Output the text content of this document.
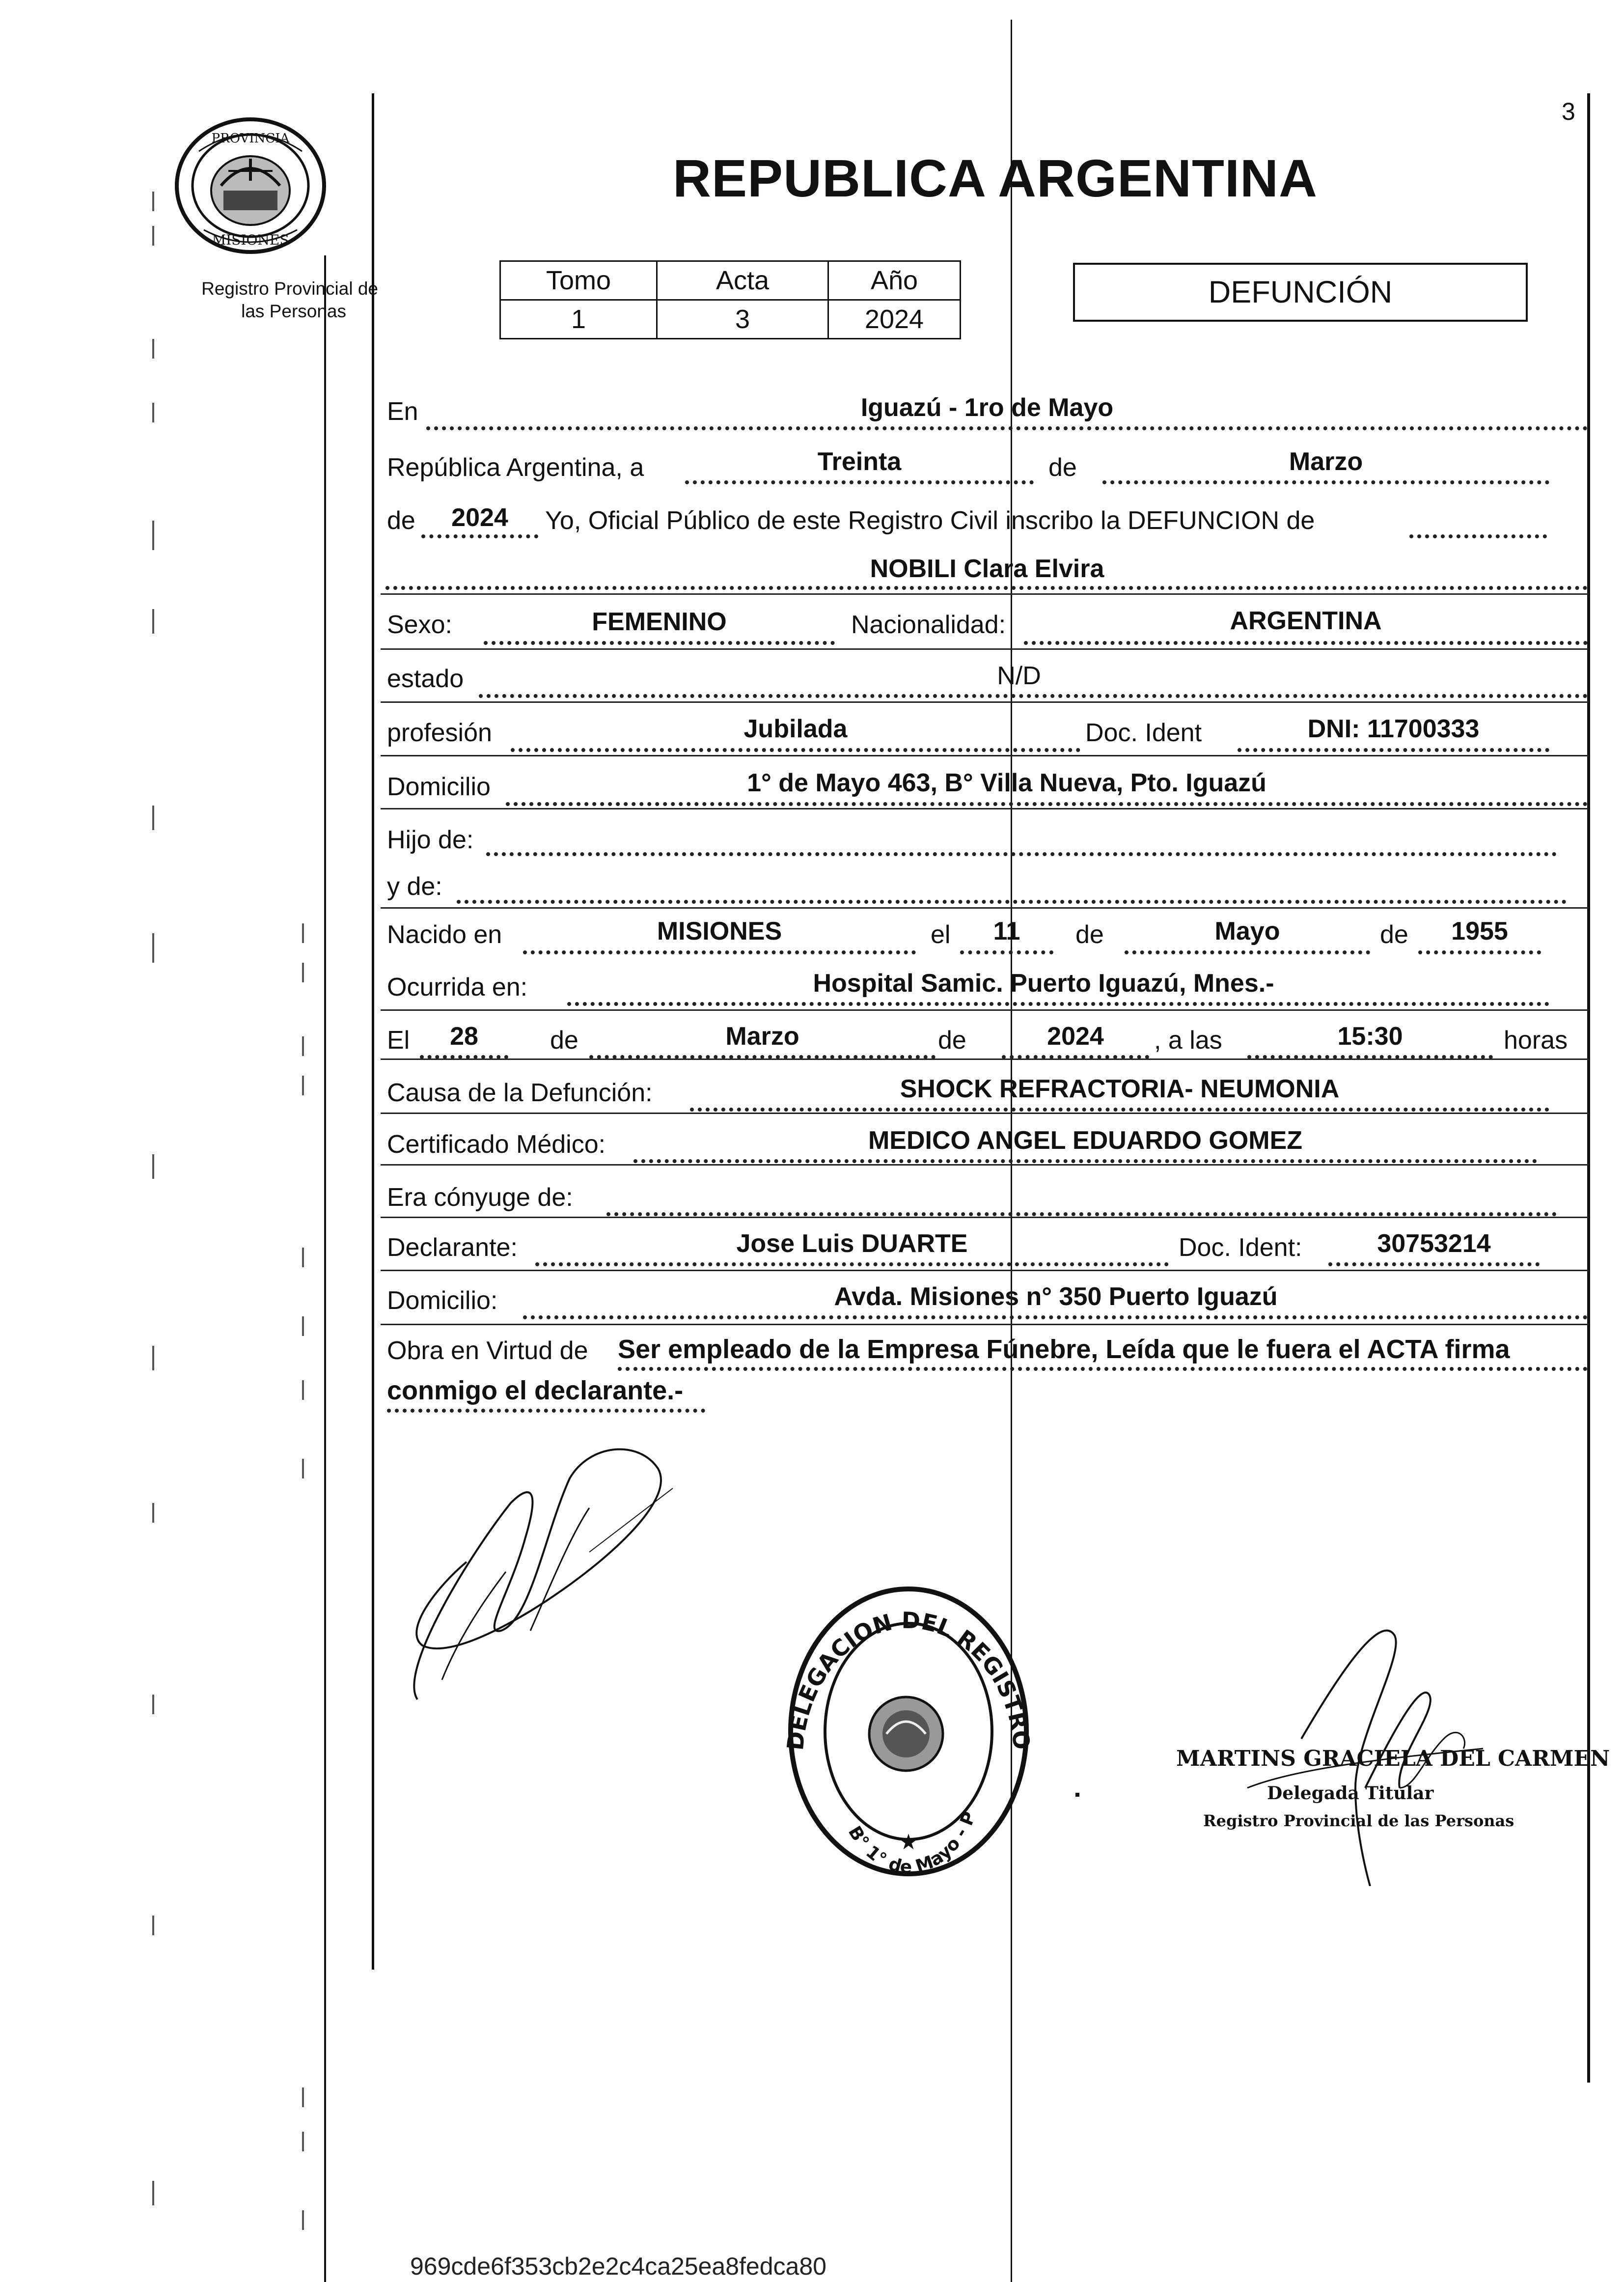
PROVINCIA
MISIONES
Registro Provincial de
las Personas
3
REPUBLICA ARGENTINA
Tomo	Acta	Año
1	3	2024
DEFUNCIÓN
En	Iguazú - 1ro de Mayo
República Argentina, a	Treinta	de	Marzo
de	2024	Yo, Oficial Público de este Registro Civil inscribo la DEFUNCION de
NOBILI Clara Elvira
Sexo:	FEMENINO	Nacionalidad:	ARGENTINA
estado	N/D
profesión	Jubilada	Doc. Ident	DNI: 11700333
Domicilio	1° de Mayo 463, B° Villa Nueva, Pto. Iguazú
Hijo de:
y de:
Nacido en	MISIONES	el	11	de	Mayo	de	1955
Ocurrida en:	Hospital Samic. Puerto Iguazú, Mnes.-
El	28	de	Marzo	de	2024	, a las	15:30	horas
Causa de la Defunción:	SHOCK REFRACTORIA- NEUMONIA
Certificado Médico:	MEDICO ANGEL EDUARDO GOMEZ
Era cónyuge de:
Declarante:	Jose Luis DUARTE	Doc. Ident:	30753214
Domicilio:	Avda. Misiones n° 350 Puerto Iguazú
Obra en Virtud de Ser empleado de la Empresa Fúnebre, Leída que le fuera el ACTA firma
conmigo el declarante.-
DELEGACION DEL REGISTRO
B° 1° de Mayo - P
★
MARTINS GRACIELA DEL CARMEN
Delegada Titular
Registro Provincial de las Personas
969cde6f353cb2e2c4ca25ea8fedca80
